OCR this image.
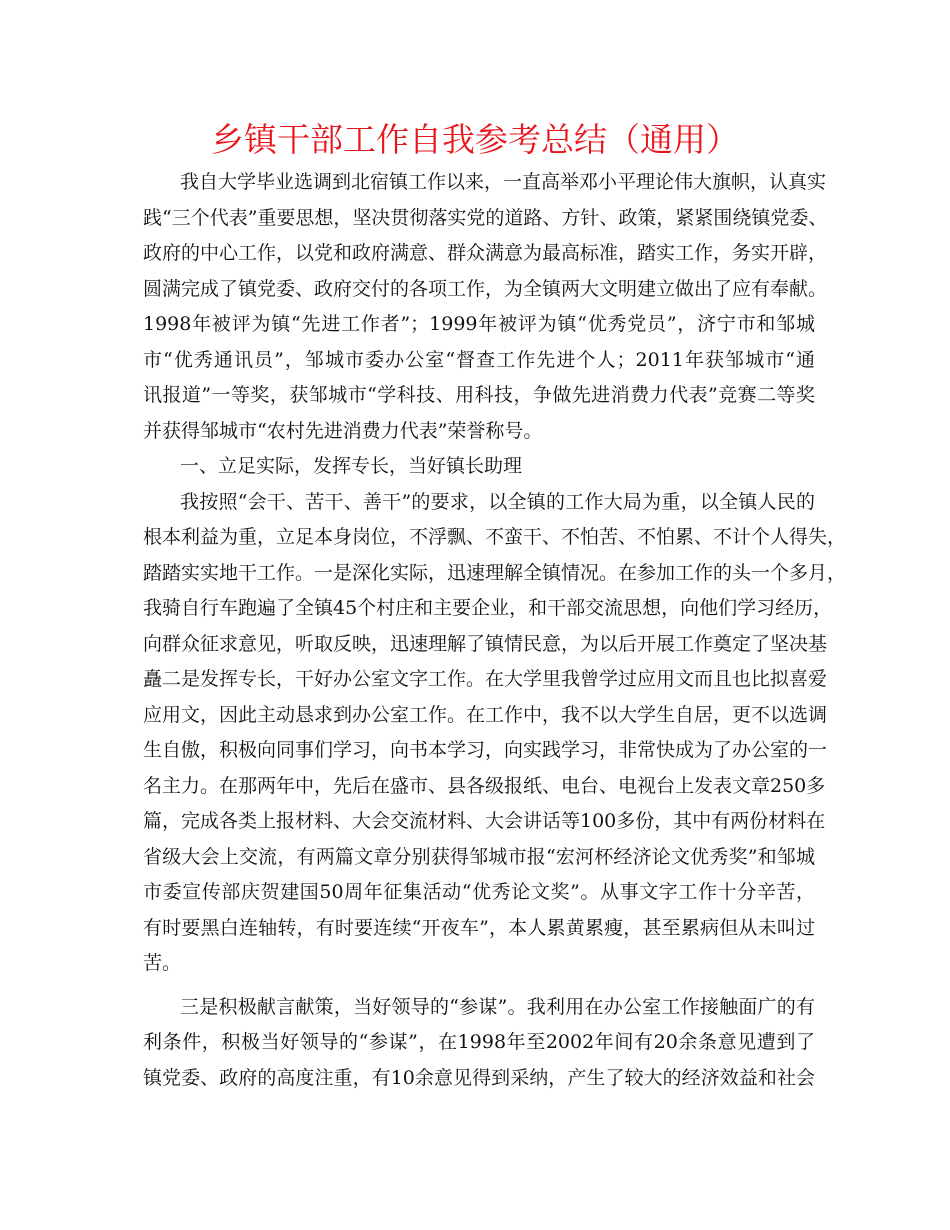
乡镇干部工作自我参考总结（通用）
我自大学毕业选调到北宿镇工作以来，一直高举邓小平理论伟大旗帜，认真实
践“三个代表”重要思想，坚决贯彻落实党的道路、方针、政策，紧紧围绕镇党委、
政府的中心工作，以党和政府满意、群众满意为最高标准，踏实工作，务实开辟，
圆满完成了镇党委、政府交付的各项工作，为全镇两大文明建立做出了应有奉献。
1998年被评为镇“先进工作者”；1999年被评为镇“优秀党员”，济宁市和邹城
市“优秀通讯员”，邹城市委办公室“督查工作先进个人；2011年获邹城市“通
讯报道”一等奖，获邹城市“学科技、用科技，争做先进消费力代表”竞赛二等奖
并获得邹城市“农村先进消费力代表”荣誉称号。
一、立足实际，发挥专长，当好镇长助理
我按照“会干、苦干、善干”的要求，以全镇的工作大局为重，以全镇人民的
根本利益为重，立足本身岗位，不浮飘、不蛮干、不怕苦、不怕累、不计个人得失，
踏踏实实地干工作。一是深化实际，迅速理解全镇情况。在参加工作的头一个多月，
我骑自行车跑遍了全镇45个村庄和主要企业，和干部交流思想，向他们学习经历，
向群众征求意见，听取反映，迅速理解了镇情民意，为以后开展工作奠定了坚决基
矗二是发挥专长，干好办公室文字工作。在大学里我曾学过应用文而且也比拟喜爱
应用文，因此主动恳求到办公室工作。在工作中，我不以大学生自居，更不以选调
生自傲，积极向同事们学习，向书本学习，向实践学习，非常快成为了办公室的一
名主力。在那两年中，先后在盛市、县各级报纸、电台、电视台上发表文章250多
篇，完成各类上报材料、大会交流材料、大会讲话等100多份，其中有两份材料在
省级大会上交流，有两篇文章分别获得邹城市报“宏河杯经济论文优秀奖”和邹城
市委宣传部庆贺建国50周年征集活动“优秀论文奖”。从事文字工作十分辛苦，
有时要黑白连轴转，有时要连续“开夜车”，本人累黄累瘦，甚至累病但从未叫过
苦。
三是积极献言献策，当好领导的“参谋”。我利用在办公室工作接触面广的有
利条件，积极当好领导的“参谋”，在1998年至2002年间有20余条意见遭到了
镇党委、政府的高度注重，有10余意见得到采纳，产生了较大的经济效益和社会
